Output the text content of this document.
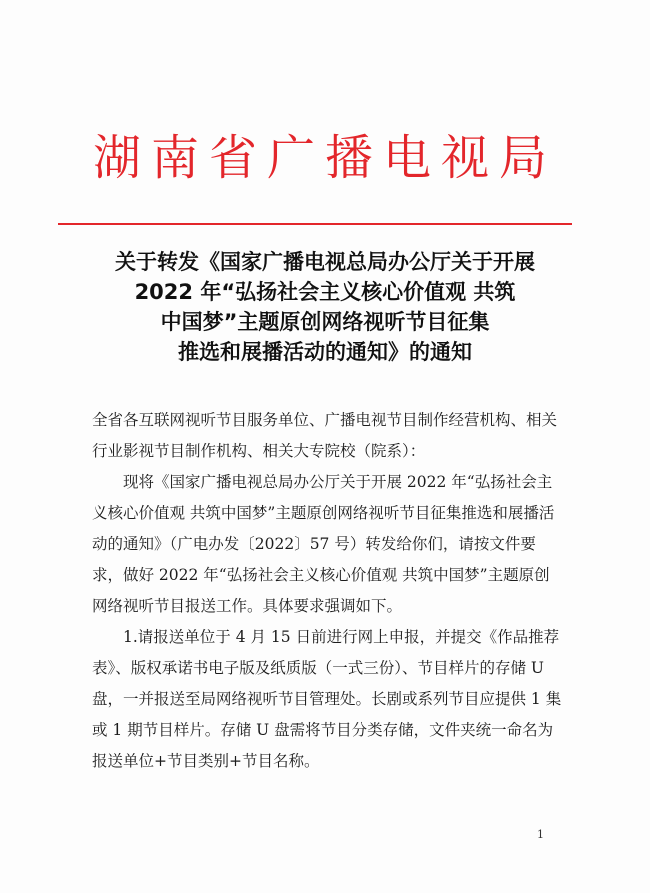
湖南省广播电视局
关于转发《国家广播电视总局办公厅关于开展
2022 年“弘扬社会主义核心价值观 共筑
中国梦”主题原创网络视听节目征集
推选和展播活动的通知》的通知

全省各互联网视听节目服务单位、广播电视节目制作经营机构、相关行业影视节目制作机构、相关大专院校（院系）：

现将《国家广播电视总局办公厅关于开展 2022 年“弘扬社会主义核心价值观 共筑中国梦”主题原创网络视听节目征集推选和展播活动的通知》（广电办发〔2022〕57 号）转发给你们，请按文件要求，做好 2022 年“弘扬社会主义核心价值观 共筑中国梦”主题原创网络视听节目报送工作。具体要求强调如下。

1.请报送单位于 4 月 15 日前进行网上申报，并提交《作品推荐表》、版权承诺书电子版及纸质版（一式三份）、节目样片的存储 U 盘，一并报送至局网络视听节目管理处。长剧或系列节目应提供 1 集或 1 期节目样片。存储 U 盘需将节目分类存储，文件夹统一命名为报送单位+节目类别+节目名称。

1
